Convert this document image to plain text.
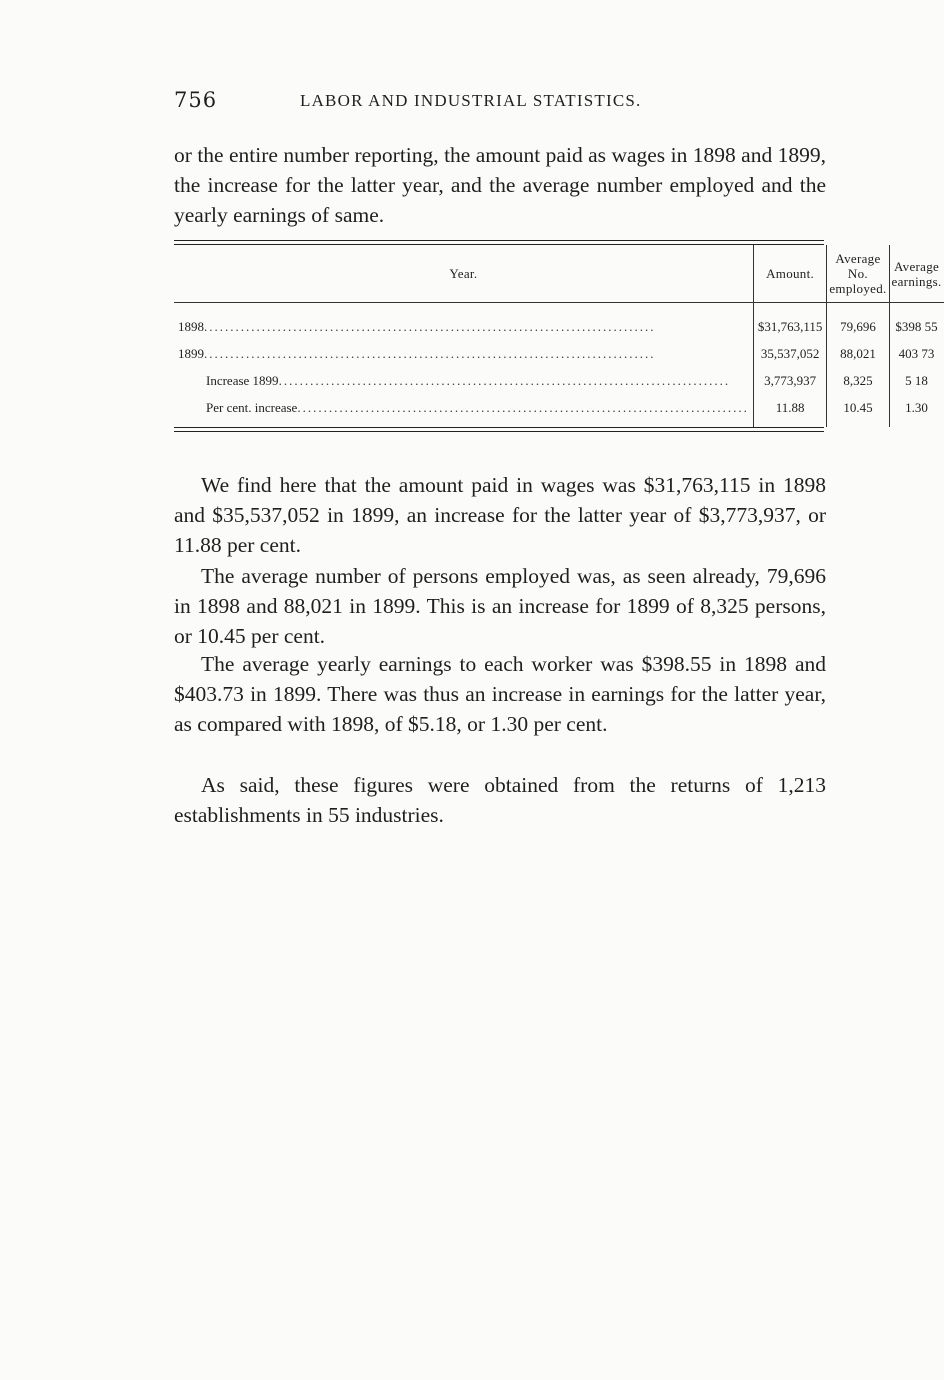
756	LABOR AND INDUSTRIAL STATISTICS.

or the entire number reporting, the amount paid as wages in 1898 and 1899, the increase for the latter year, and the average number employed and the yearly earnings of same.

Year.	Amount.	Average No. employed.	Average earnings.

1898 ......................................................................................	$31,763,115	79,696	$398 55

1899 ......................................................................................	35,537,052	88,021	403 73

Increase 1899 ......................................................................................	3,773,937	8,325	5 18

Per cent. increase ......................................................................................	11.88	10.45	1.30

We find here that the amount paid in wages was $31,763,115 in 1898 and $35,537,052 in 1899, an increase for the latter year of $3,773,937, or 11.88 per cent.

The average number of persons employed was, as seen already, 79,696 in 1898 and 88,021 in 1899. This is an increase for 1899 of 8,325 persons, or 10.45 per cent.

The average yearly earnings to each worker was $398.55 in 1898 and $403.73 in 1899. There was thus an increase in earnings for the latter year, as compared with 1898, of $5.18, or 1.30 per cent.

As said, these figures were obtained from the returns of 1,213 establishments in 55 industries.
